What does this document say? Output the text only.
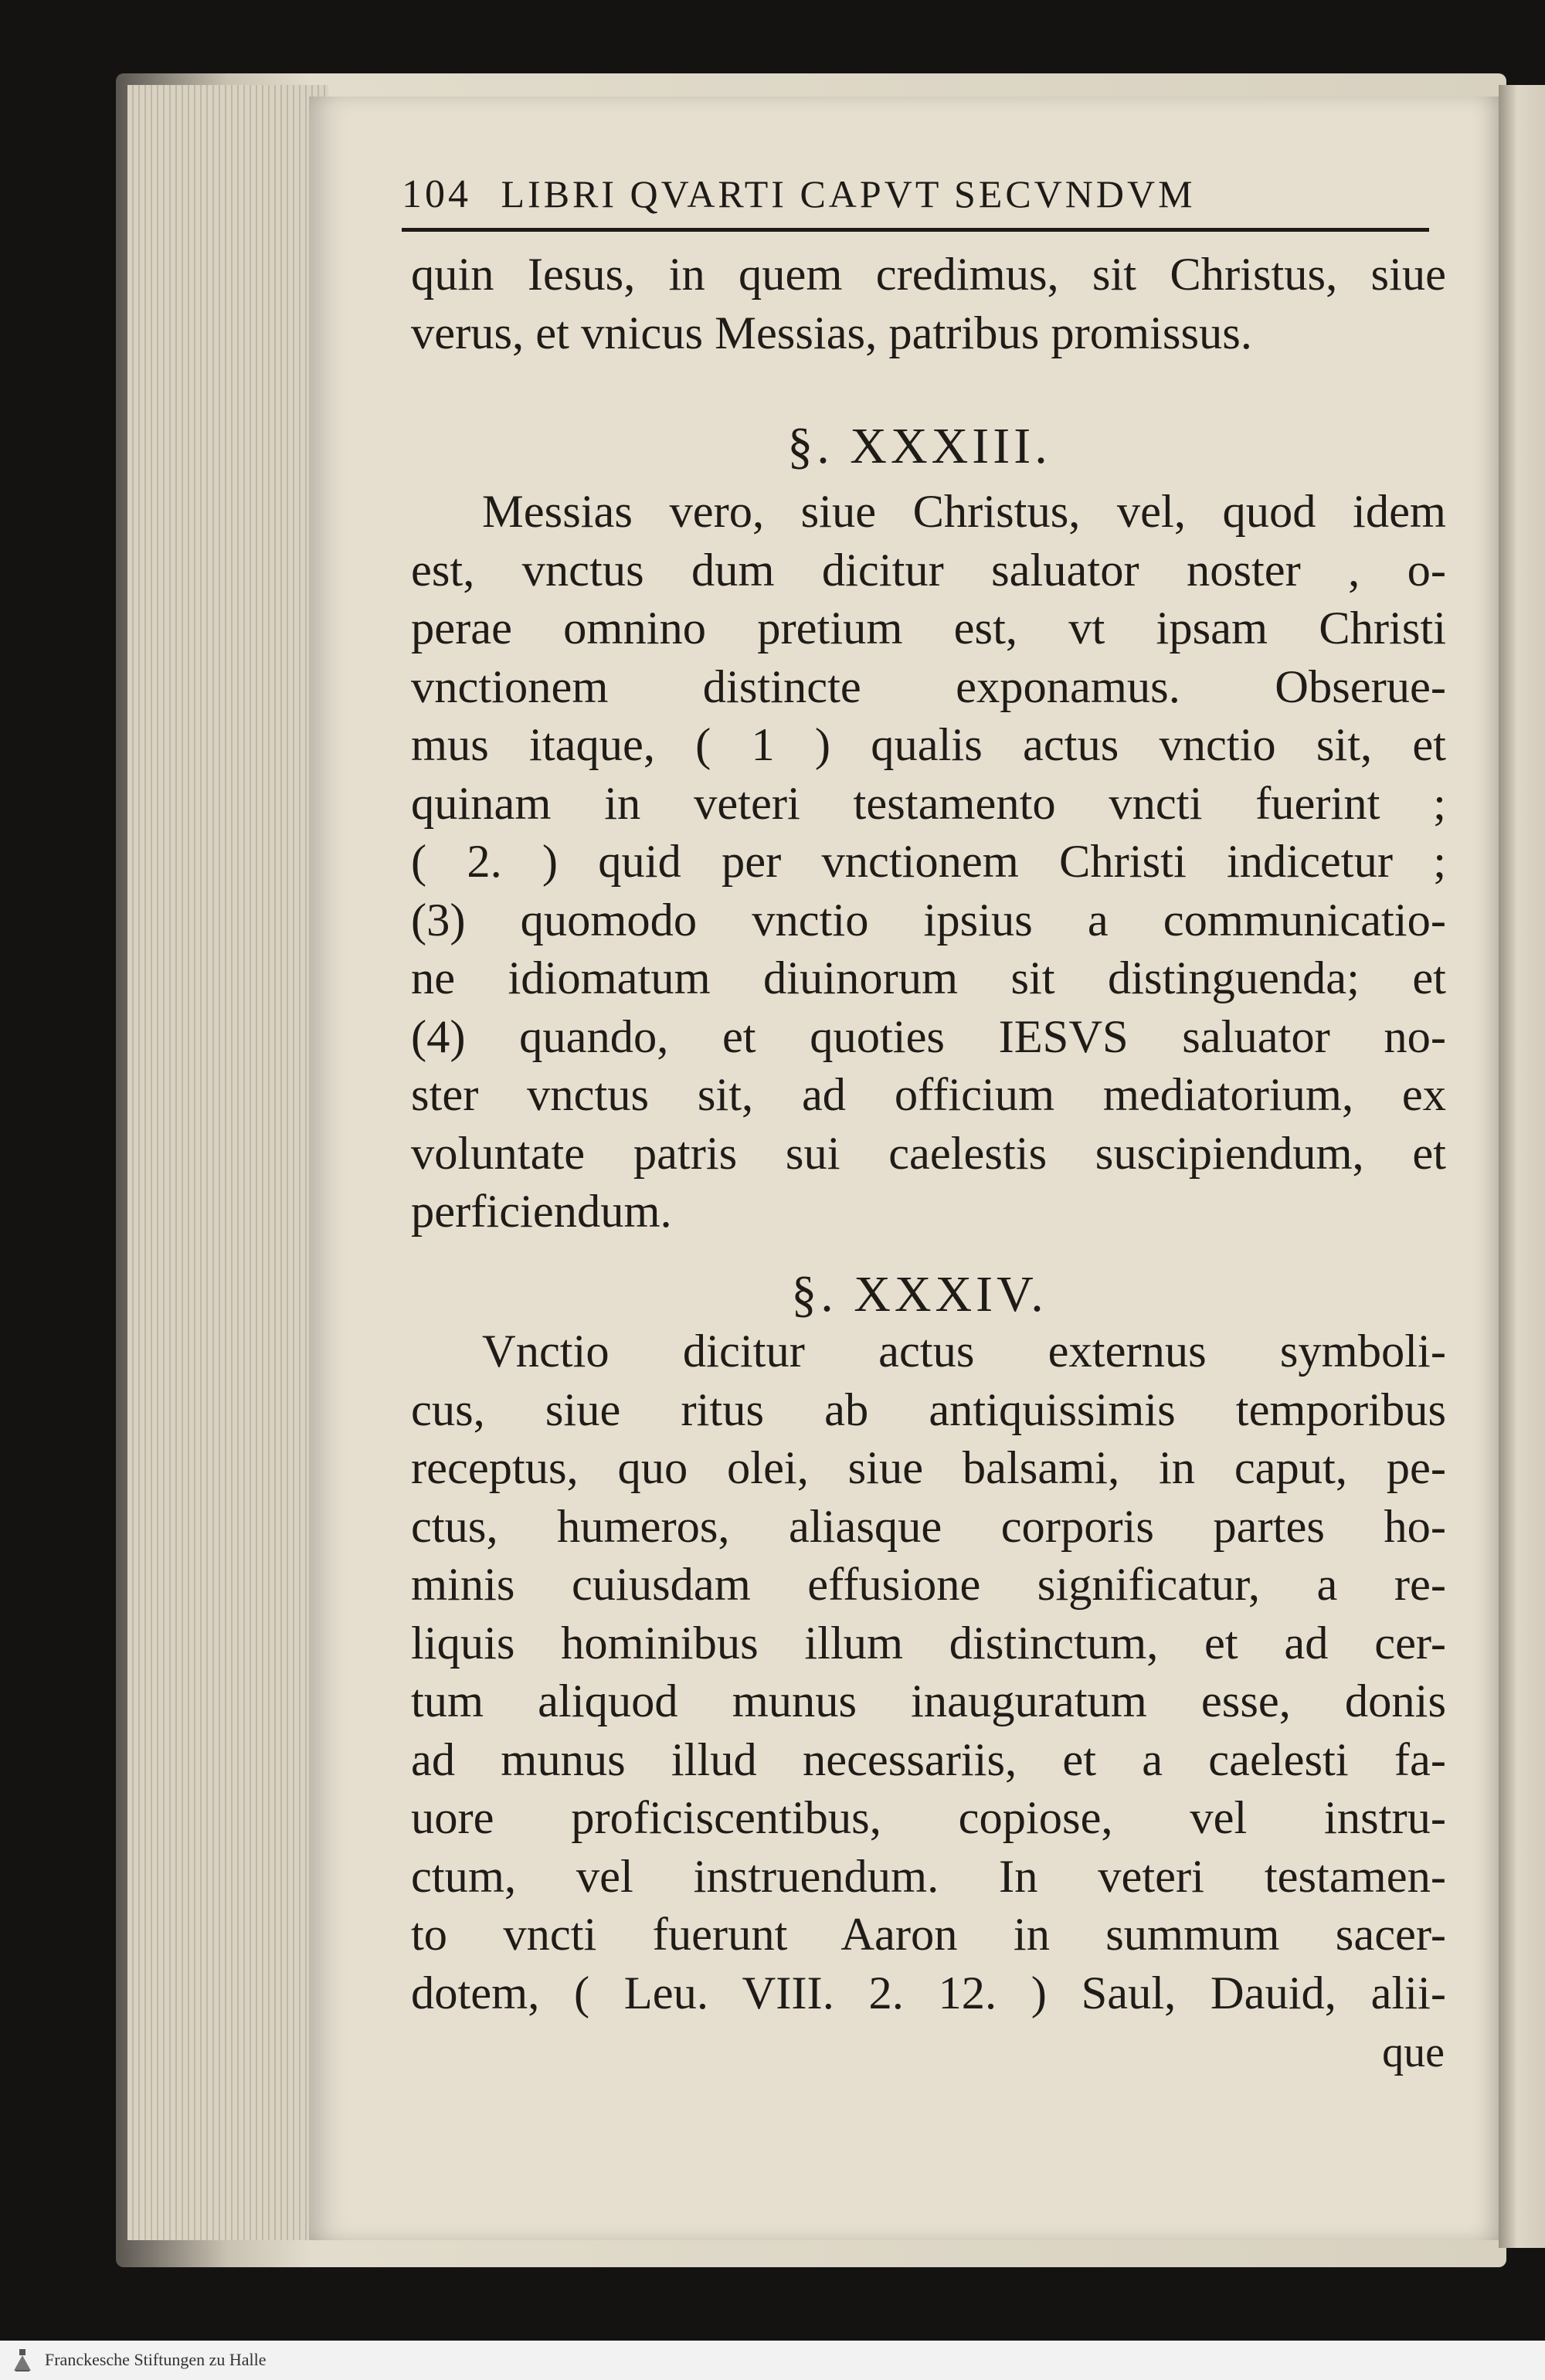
104 LIBRI QVARTI CAPVT SECVNDVM
quin Iesus, in quem credimus, sit Christus, siue
verus, et vnicus Messias, patribus promissus.
§. XXXIII.
Messias vero, siue Christus, vel, quod idem
est, vnctus dum dicitur saluator noster , o-
perae omnino pretium est, vt ipsam Christi
vnctionem distincte exponamus. Obserue-
mus itaque, ( 1 ) qualis actus vnctio sit, et
quinam in veteri testamento vncti fuerint ;
( 2. ) quid per vnctionem Christi indicetur ;
(3) quomodo vnctio ipsius a communicatio-
ne idiomatum diuinorum sit distinguenda; et
(4) quando, et quoties IESVS saluator no-
ster vnctus sit, ad officium mediatorium, ex
voluntate patris sui caelestis suscipiendum, et
perficiendum.
§. XXXIV.
Vnctio dicitur actus externus symboli-
cus, siue ritus ab antiquissimis temporibus
receptus, quo olei, siue balsami, in caput, pe-
ctus, humeros, aliasque corporis partes ho-
minis cuiusdam effusione significatur, a re-
liquis hominibus illum distinctum, et ad cer-
tum aliquod munus inauguratum esse, donis
ad munus illud necessariis, et a caelesti fa-
uore proficiscentibus, copiose, vel instru-
ctum, vel instruendum. In veteri testamen-
to vncti fuerunt Aaron in summum sacer-
dotem, ( Leu. VIII. 2. 12. ) Saul, Dauid, alii-
que
Franckesche Stiftungen zu Halle
